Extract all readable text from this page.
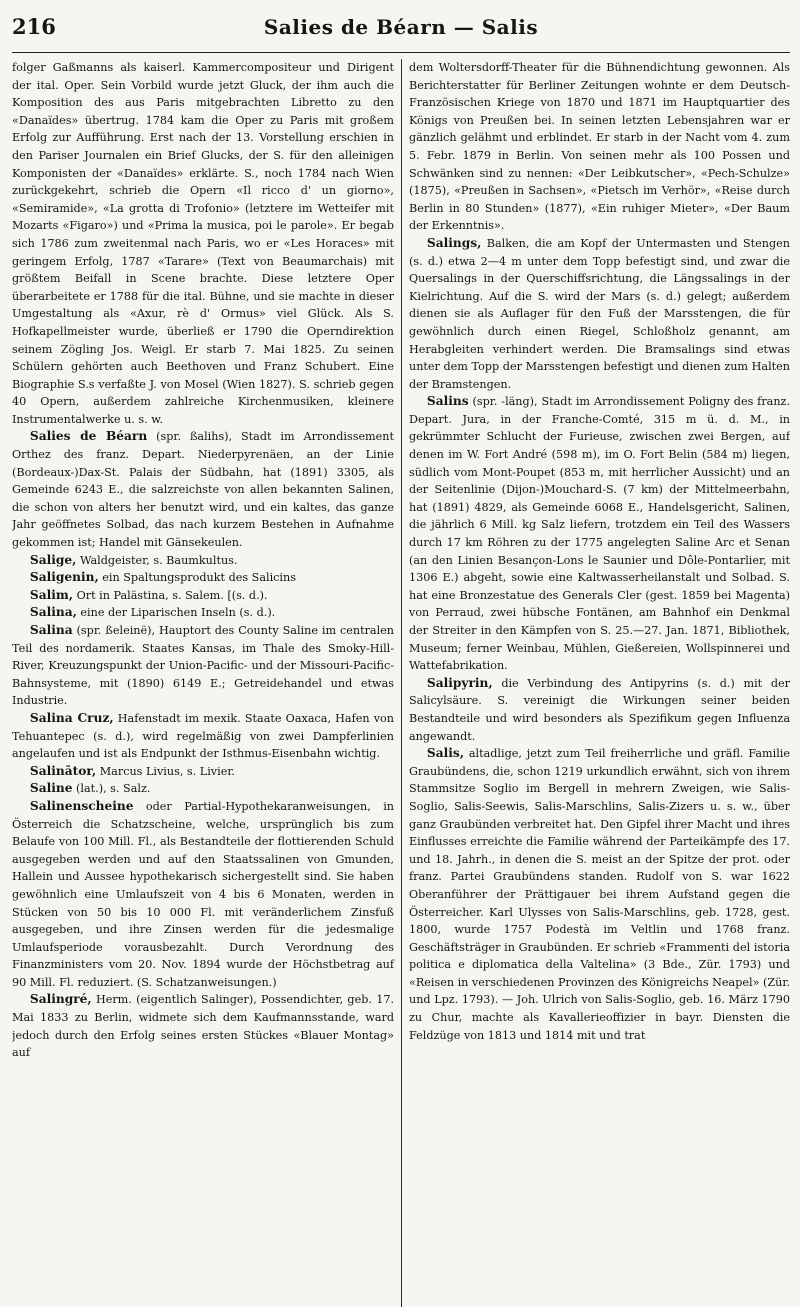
216	Salies de Béarn — Salis

folger Gaßmanns als kaiserl. Kammercompositeur und Dirigent der ital. Oper. Sein Vorbild wurde jetzt Gluck, der ihm auch die Komposition des aus Paris mitgebrachten Libretto zu den «Danaïdes» übertrug. 1784 kam die Oper zu Paris mit großem Erfolg zur Aufführung. Erst nach der 13. Vorstellung erschien in den Pariser Journalen ein Brief Glucks, der S. für den alleinigen Komponisten der «Danaïdes» erklärte. S., noch 1784 nach Wien zurückgekehrt, schrieb die Opern «Il ricco d' un giorno», «Semiramide», «La grotta di Trofonio» (letztere im Wetteifer mit Mozarts «Figaro») und «Prima la musica, poi le parole». Er begab sich 1786 zum zweitenmal nach Paris, wo er «Les Horaces» mit geringem Erfolg, 1787 «Tarare» (Text von Beaumarchais) mit größtem Beifall in Scene brachte. Diese letztere Oper überarbeitete er 1788 für die ital. Bühne, und sie machte in dieser Umgestaltung als «Axur, rè d' Ormus» viel Glück. Als S. Hofkapellmeister wurde, überließ er 1790 die Operndirektion seinem Zögling Jos. Weigl. Er starb 7. Mai 1825. Zu seinen Schülern gehörten auch Beethoven und Franz Schubert. Eine Biographie S.s verfaßte J. von Mosel (Wien 1827). S. schrieb gegen 40 Opern, außerdem zahlreiche Kirchenmusiken, kleinere Instrumentalwerke u. s. w.

Salies de Béarn (spr. ßalihs), Stadt im Arrondissement Orthez des franz. Depart. Niederpyrenäen, an der Linie (Bordeaux-)Dax-St. Palais der Südbahn, hat (1891) 3305, als Gemeinde 6243 E., die salzreichste von allen bekannten Salinen, die schon von alters her benutzt wird, und ein kaltes, das ganze Jahr geöffnetes Solbad, das nach kurzem Bestehen in Aufnahme gekommen ist; Handel mit Gänsekeulen.

Salige, Waldgeister, s. Baumkultus.

Saligenin, ein Spaltungsprodukt des Salicins

Salim, Ort in Palästina, s. Salem. [(s. d.).

Salina, eine der Liparischen Inseln (s. d.).

Salina (spr. ßeleinë), Hauptort des County Saline im centralen Teil des nordamerik. Staates Kansas, im Thale des Smoky-Hill-River, Kreuzungspunkt der Union-Pacific- und der Missouri-Pacific-Bahnsysteme, mit (1890) 6149 E.; Getreidehandel und etwas Industrie.

Salina Cruz, Hafenstadt im mexik. Staate Oaxaca, Hafen von Tehuantepec (s. d.), wird regelmäßig von zwei Dampferlinien angelaufen und ist als Endpunkt der Isthmus-Eisenbahn wichtig.

Salinātor, Marcus Livius, s. Livier.

Saline (lat.), s. Salz.

Salinenscheine oder Partial-Hypothekaranweisungen, in Österreich die Schatzscheine, welche, ursprünglich bis zum Belaufe von 100 Mill. Fl., als Bestandteile der flottierenden Schuld ausgegeben werden und auf den Staatssalinen von Gmunden, Hallein und Aussee hypothekarisch sichergestellt sind. Sie haben gewöhnlich eine Umlaufszeit von 4 bis 6 Monaten, werden in Stücken von 50 bis 10 000 Fl. mit veränderlichem Zinsfuß ausgegeben, und ihre Zinsen werden für die jedesmalige Umlaufsperiode vorausbezahlt. Durch Verordnung des Finanzministers vom 20. Nov. 1894 wurde der Höchstbetrag auf 90 Mill. Fl. reduziert. (S. Schatzanweisungen.)

Salingré, Herm. (eigentlich Salinger), Possendichter, geb. 17. Mai 1833 zu Berlin, widmete sich dem Kaufmannsstande, ward jedoch durch den Erfolg seines ersten Stückes «Blauer Montag» auf

dem Woltersdorff-Theater für die Bühnendichtung gewonnen. Als Berichterstatter für Berliner Zeitungen wohnte er dem Deutsch-Französischen Kriege von 1870 und 1871 im Hauptquartier des Königs von Preußen bei. In seinen letzten Lebensjahren war er gänzlich gelähmt und erblindet. Er starb in der Nacht vom 4. zum 5. Febr. 1879 in Berlin. Von seinen mehr als 100 Possen und Schwänken sind zu nennen: «Der Leibkutscher», «Pech-Schulze» (1875), «Preußen in Sachsen», «Pietsch im Verhör», «Reise durch Berlin in 80 Stunden» (1877), «Ein ruhiger Mieter», «Der Baum der Erkenntnis».

Salings, Balken, die am Kopf der Untermasten und Stengen (s. d.) etwa 2—4 m unter dem Topp befestigt sind, und zwar die Quersalings in der Querschiffsrichtung, die Längssalings in der Kielrichtung. Auf die S. wird der Mars (s. d.) gelegt; außerdem dienen sie als Auflager für den Fuß der Marsstengen, die für gewöhnlich durch einen Riegel, Schloßholz genannt, am Herabgleiten verhindert werden. Die Bramsalings sind etwas unter dem Topp der Marsstengen befestigt und dienen zum Halten der Bramstengen.

Salins (spr. -läng), Stadt im Arrondissement Poligny des franz. Depart. Jura, in der Franche-Comté, 315 m ü. d. M., in gekrümmter Schlucht der Furieuse, zwischen zwei Bergen, auf denen im W. Fort André (598 m), im O. Fort Belin (584 m) liegen, südlich vom Mont-Poupet (853 m, mit herrlicher Aussicht) und an der Seitenlinie (Dijon-)Mouchard-S. (7 km) der Mittelmeerbahn, hat (1891) 4829, als Gemeinde 6068 E., Handelsgericht, Salinen, die jährlich 6 Mill. kg Salz liefern, trotzdem ein Teil des Wassers durch 17 km Röhren zu der 1775 angelegten Saline Arc et Senan (an den Linien Besançon-Lons le Saunier und Dôle-Pontarlier, mit 1306 E.) abgeht, sowie eine Kaltwasserheilanstalt und Solbad. S. hat eine Bronzestatue des Generals Cler (gest. 1859 bei Magenta) von Perraud, zwei hübsche Fontänen, am Bahnhof ein Denkmal der Streiter in den Kämpfen von S. 25.—27. Jan. 1871, Bibliothek, Museum; ferner Weinbau, Mühlen, Gießereien, Wollspinnerei und Wattefabrikation.

Salipyrin, die Verbindung des Antipyrins (s. d.) mit der Salicylsäure. S. vereinigt die Wirkungen seiner beiden Bestandteile und wird besonders als Spezifikum gegen Influenza angewandt.

Salis, altadlige, jetzt zum Teil freiherrliche und gräfl. Familie Graubündens, die, schon 1219 urkundlich erwähnt, sich von ihrem Stammsitze Soglio im Bergell in mehrern Zweigen, wie Salis-Soglio, Salis-Seewis, Salis-Marschlins, Salis-Zizers u. s. w., über ganz Graubünden verbreitet hat. Den Gipfel ihrer Macht und ihres Einflusses erreichte die Familie während der Parteikämpfe des 17. und 18. Jahrh., in denen die S. meist an der Spitze der prot. oder franz. Partei Graubündens standen. Rudolf von S. war 1622 Oberanführer der Prättigauer bei ihrem Aufstand gegen die Österreicher. Karl Ulysses von Salis-Marschlins, geb. 1728, gest. 1800, wurde 1757 Podestà im Veltlin und 1768 franz. Geschäftsträger in Graubünden. Er schrieb «Frammenti del istoria politica e diplomatica della Valtelina» (3 Bde., Zür. 1793) und «Reisen in verschiedenen Provinzen des Königreichs Neapel» (Zür. und Lpz. 1793). — Joh. Ulrich von Salis-Soglio, geb. 16. März 1790 zu Chur, machte als Kavallerieoffizier in bayr. Diensten die Feldzüge von 1813 und 1814 mit und trat
